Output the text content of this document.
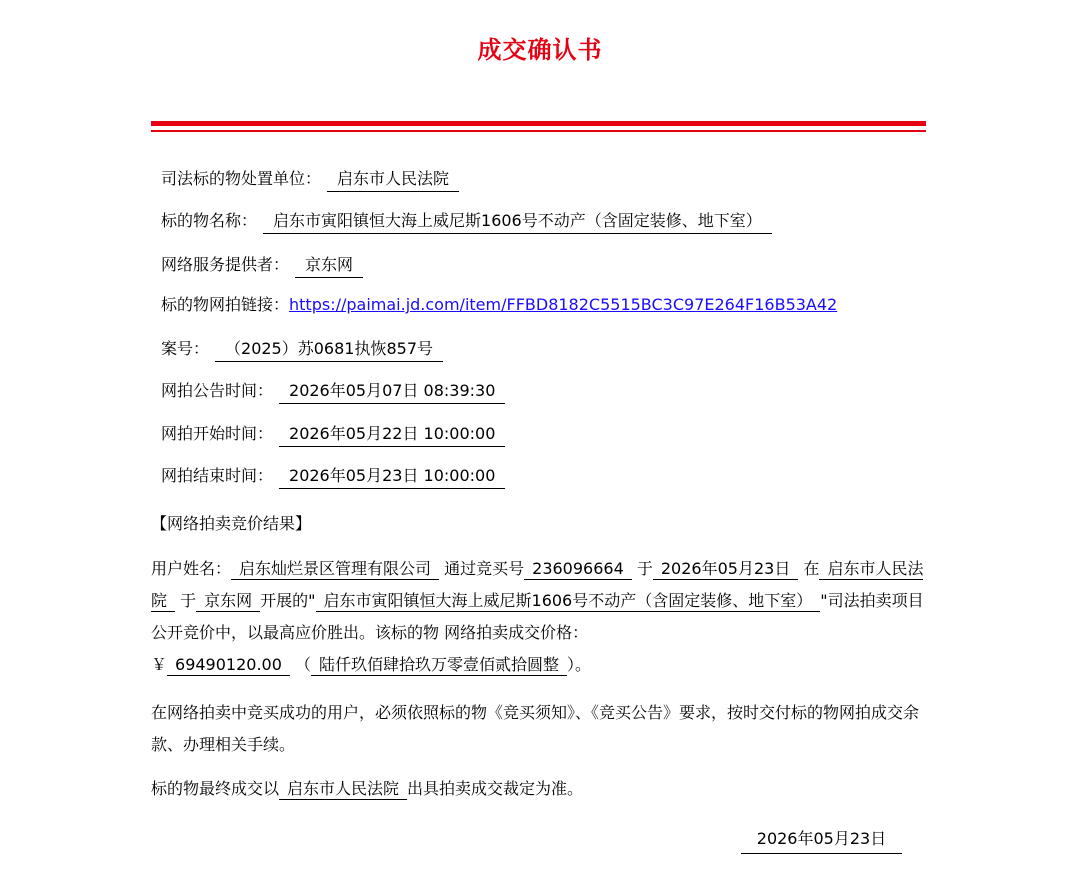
成交确认书
司法标的物处置单位： 启东市人民法院
标的物名称： 启东市寅阳镇恒大海上威尼斯1606号不动产（含固定装修、地下室）
网络服务提供者： 京东网
标的物网拍链接：https://paimai.jd.com/item/FFBD8182C5515BC3C97E264F16B53A42
案号： （2025）苏0681执恢857号
网拍公告时间： 2026年05月07日 08:39:30
网拍开始时间： 2026年05月22日 10:00:00
网拍结束时间： 2026年05月23日 10:00:00
【网络拍卖竞价结果】
用户姓名： 启东灿烂景区管理有限公司 通过竞买号 236096664 于 2026年05月23日 在 启东市人民法院 于 京东网 开展的" 启东市寅阳镇恒大海上威尼斯1606号不动产（含固定装修、地下室） "司法拍卖项目公开竞价中，以最高应价胜出。该标的物 网络拍卖成交价格：
￥ 69490120.00 （ 陆仟玖佰肆拾玖万零壹佰贰拾圆整 ）。
在网络拍卖中竞买成功的用户，必须依照标的物《竞买须知》、《竞买公告》要求，按时交付标的物网拍成交余款、办理相关手续。
标的物最终成交以 启东市人民法院 出具拍卖成交裁定为准。
2026年05月23日
